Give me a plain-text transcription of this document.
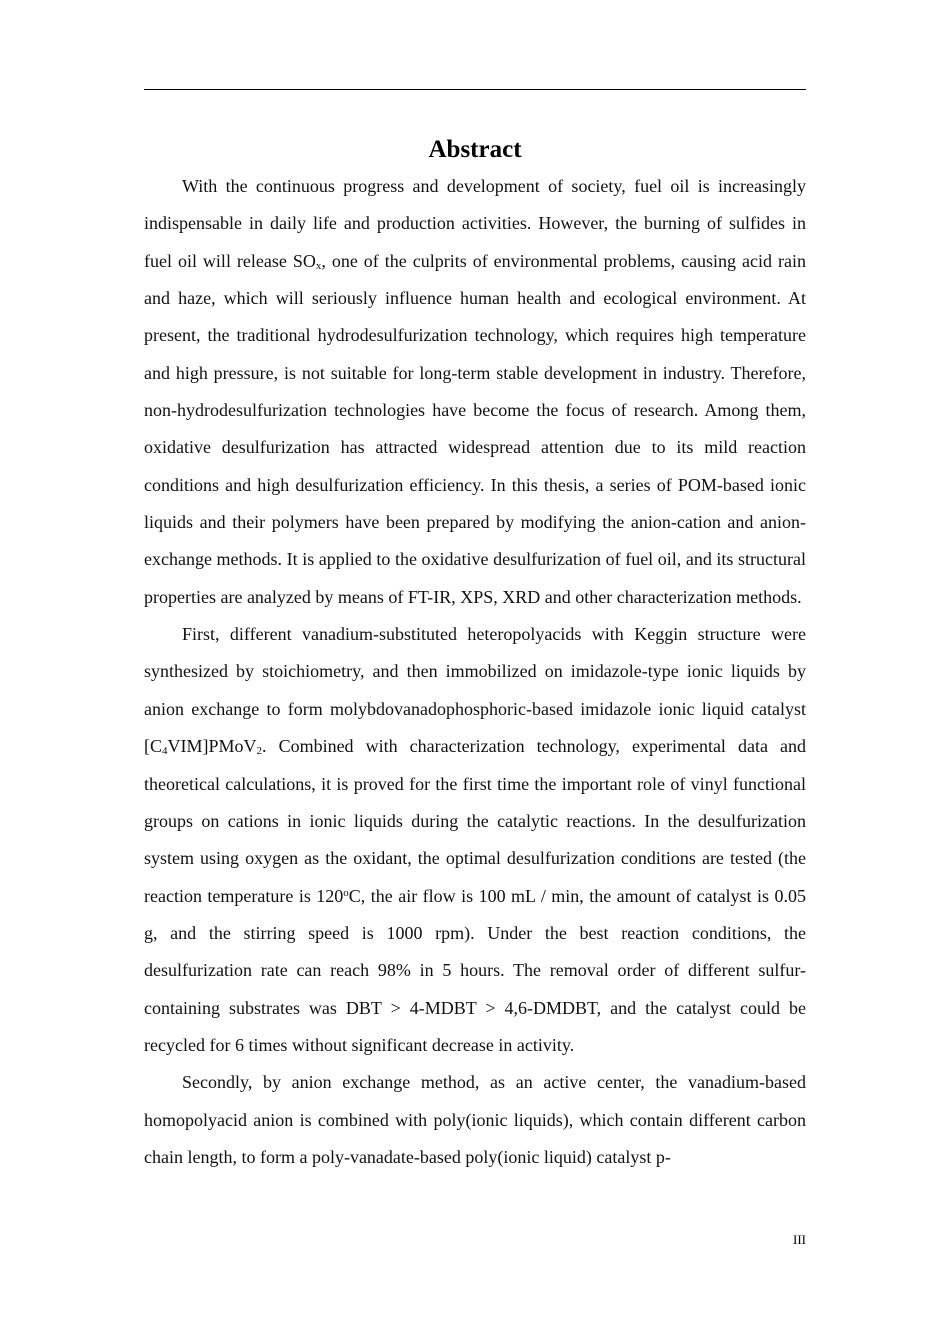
Abstract

With the continuous progress and development of society, fuel oil is increasingly indispensable in daily life and production activities. However, the burning of sulfides in fuel oil will release $SO_x$, one of the culprits of environmental problems, causing acid rain and haze, which will seriously influence human health and ecological environment. At present, the traditional hydrodesulfurization technology, which requires high temperature and high pressure, is not suitable for long-term stable development in industry. Therefore, non-hydrodesulfurization technologies have become the focus of research. Among them, oxidative desulfurization has attracted widespread attention due to its mild reaction conditions and high desulfurization efficiency. In this thesis, a series of POM-based ionic liquids and their polymers have been prepared by modifying the anion-cation and anion-exchange methods. It is applied to the oxidative desulfurization of fuel oil, and its structural properties are analyzed by means of FT-IR, XPS, XRD and other characterization methods.

First, different vanadium-substituted heteropolyacids with Keggin structure were synthesized by stoichiometry, and then immobilized on imidazole-type ionic liquids by anion exchange to form molybdovanadophosphoric-based imidazole ionic liquid catalyst $[C_4VIM]PMoV_2$. Combined with characterization technology, experimental data and theoretical calculations, it is proved for the first time the important role of vinyl functional groups on cations in ionic liquids during the catalytic reactions. In the desulfurization system using oxygen as the oxidant, the optimal desulfurization conditions are tested (the reaction temperature is 120$^o$C, the air flow is 100 mL / min, the amount of catalyst is 0.05 g, and the stirring speed is 1000 rpm). Under the best reaction conditions, the desulfurization rate can reach 98% in 5 hours. The removal order of different sulfur-containing substrates was DBT > 4-MDBT > 4,6-DMDBT, and the catalyst could be recycled for 6 times without significant decrease in activity.

Secondly, by anion exchange method, as an active center, the vanadium-based homopolyacid anion is combined with poly(ionic liquids), which contain different carbon chain length, to form a poly-vanadate-based poly(ionic liquid) catalyst p-

III
